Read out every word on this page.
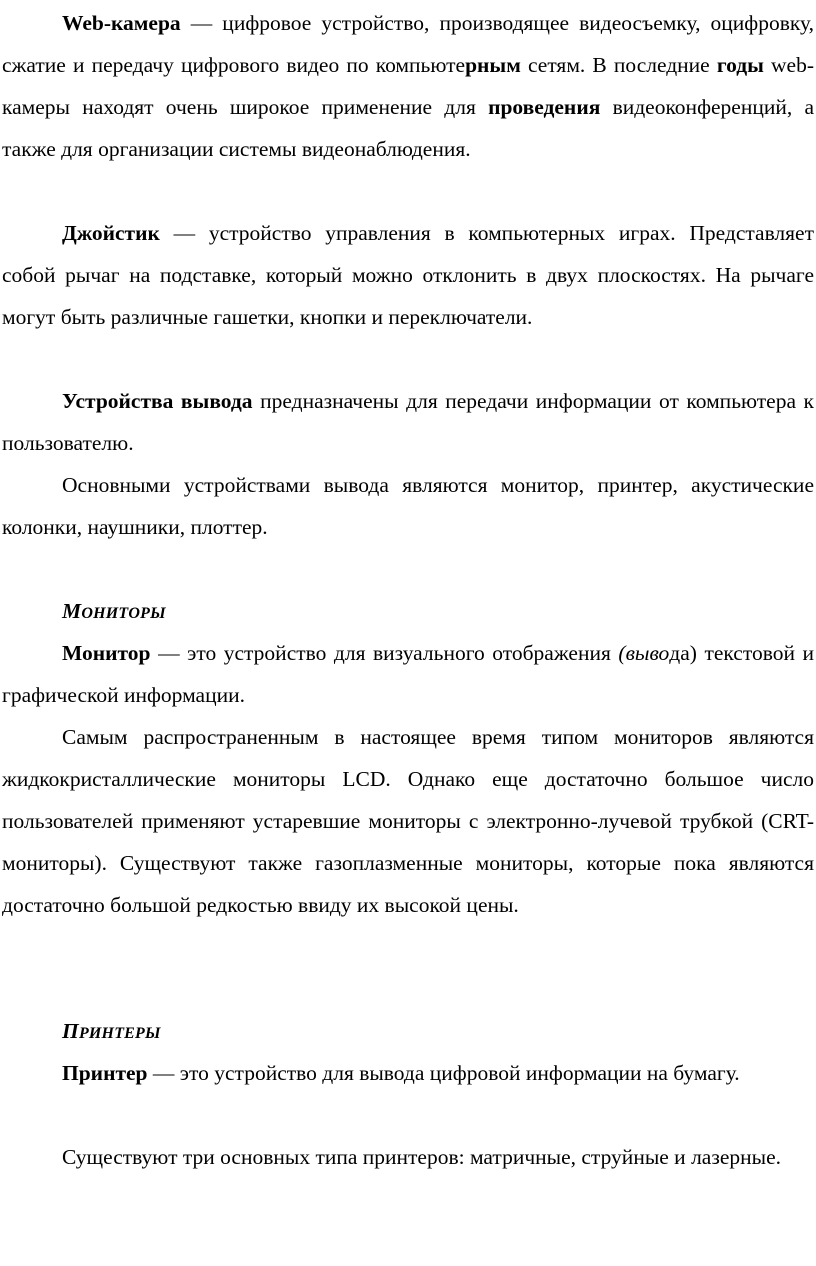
Web-камера — цифровое устройство, производящее видеосъемку, оцифровку, сжатие и передачу цифрового видео по компьютерным сетям. В последние годы web-камеры находят очень широкое применение для проведения видеоконференций, а также для организации системы видеонаблюдения.

Джойстик — устройство управления в компьютерных играх. Представляет собой рычаг на подставке, который можно отклонить в двух плоскостях. На рычаге могут быть различные гашетки, кнопки и переключатели.

Устройства вывода предназначены для передачи информации от компьютера к пользователю.

Основными устройствами вывода являются монитор, принтер, акустические колонки, наушники, плоттер.

МОНИТОРЫ

Монитор — это устройство для визуального отображения (вывода) текстовой и графической информации.

Самым распространенным в настоящее время типом мониторов являются жидкокристаллические мониторы LCD. Однако еще достаточно большое число пользователей применяют устаревшие мониторы с электронно-лучевой трубкой (CRT-мониторы). Существуют также газоплазменные мониторы, которые пока являются достаточно большой редкостью ввиду их высокой цены.

ПРИНТЕРЫ

Принтер — это устройство для вывода цифровой информации на бумагу.

Существуют три основных типа принтеров: матричные, струйные и лазерные.
